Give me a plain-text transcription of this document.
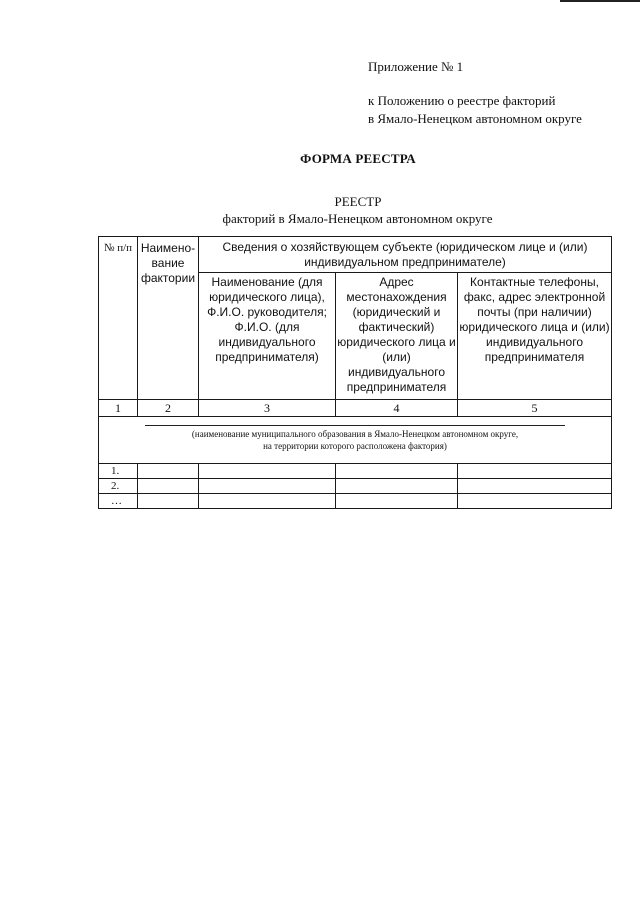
Приложение № 1
к Положению о реестре факторий
в Ямало-Ненецком автономном округе
ФОРМА РЕЕСТРА
РЕЕСТР
факторий в Ямало-Ненецком автономном округе
№ п/п	Наимено-вание фактории	Сведения о хозяйствующем субъекте (юридическом лице и (или) индивидуальном предпринимателе)		
		Наименование (для юридического лица), Ф.И.О. руководителя; Ф.И.О. (для индивидуального предпринимателя)	Адрес местонахождения (юридический и фактический) юридического лица и (или) индивидуального предпринимателя	Контактные телефоны, факс, адрес электронной почты (при наличии) юридического лица и (или) индивидуального предпринимателя
1	2	3	4	5

(наименование муниципального образования в Ямало-Ненецком автономном округе,
на территории которого расположена фактория)				

1.				
2.				
…				
